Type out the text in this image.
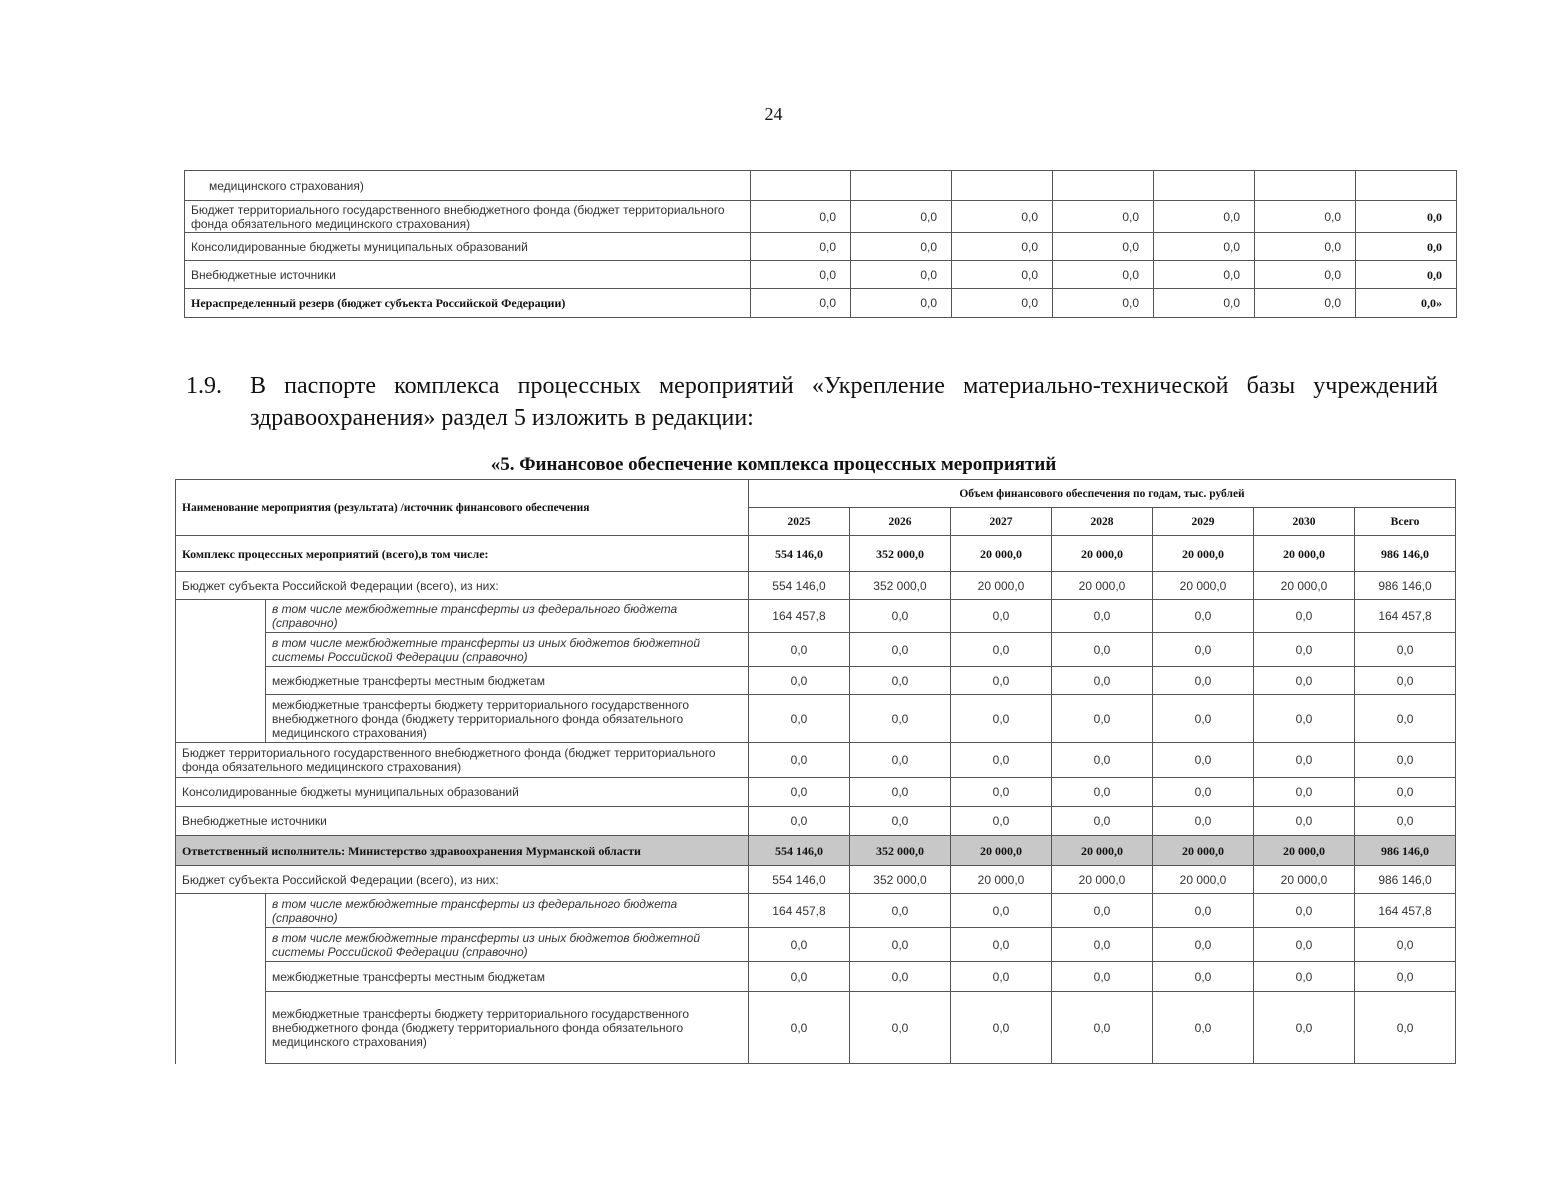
24
медицинского страхования)							
Бюджет территориального государственного внебюджетного фонда (бюджет территориального фонда обязательного медицинского страхования)	0,0	0,0	0,0	0,0	0,0	0,0	0,0
Консолидированные бюджеты муниципальных образований	0,0	0,0	0,0	0,0	0,0	0,0	0,0
Внебюджетные источники	0,0	0,0	0,0	0,0	0,0	0,0	0,0
Нераспределенный резерв (бюджет субъекта Российской Федерации)	0,0	0,0	0,0	0,0	0,0	0,0	0,0»
1.9. В паспорте комплекса процессных мероприятий «Укрепление материально-технической базы учреждений здравоохранения» раздел 5 изложить в редакции:
«5. Финансовое обеспечение комплекса процессных мероприятий
Наименование мероприятия (результата) /источник финансового обеспечения		Объем финансового обеспечения по годам, тыс. рублей						
		2025	2026	2027	2028	2029	2030	Всего
Комплекс процессных мероприятий (всего),в том числе:		554 146,0	352 000,0	20 000,0	20 000,0	20 000,0	20 000,0	986 146,0
Бюджет субъекта Российской Федерации (всего), из них:		554 146,0	352 000,0	20 000,0	20 000,0	20 000,0	20 000,0	986 146,0
	в том числе межбюджетные трансферты из федерального бюджета (справочно)	164 457,8	0,0	0,0	0,0	0,0	0,0	164 457,8
	в том числе межбюджетные трансферты из иных бюджетов бюджетной системы Российской Федерации (справочно)	0,0	0,0	0,0	0,0	0,0	0,0	0,0
	межбюджетные трансферты местным бюджетам	0,0	0,0	0,0	0,0	0,0	0,0	0,0
	межбюджетные трансферты бюджету территориального государственного внебюджетного фонда (бюджету территориального фонда обязательного медицинского страхования)	0,0	0,0	0,0	0,0	0,0	0,0	0,0
Бюджет территориального государственного внебюджетного фонда (бюджет территориального фонда обязательного медицинского страхования)		0,0	0,0	0,0	0,0	0,0	0,0	0,0
Консолидированные бюджеты муниципальных образований		0,0	0,0	0,0	0,0	0,0	0,0	0,0
Внебюджетные источники		0,0	0,0	0,0	0,0	0,0	0,0	0,0
Ответственный исполнитель: Министерство здравоохранения Мурманской области		554 146,0	352 000,0	20 000,0	20 000,0	20 000,0	20 000,0	986 146,0
Бюджет субъекта Российской Федерации (всего), из них:		554 146,0	352 000,0	20 000,0	20 000,0	20 000,0	20 000,0	986 146,0
	в том числе межбюджетные трансферты из федерального бюджета (справочно)	164 457,8	0,0	0,0	0,0	0,0	0,0	164 457,8
	в том числе межбюджетные трансферты из иных бюджетов бюджетной системы Российской Федерации (справочно)	0,0	0,0	0,0	0,0	0,0	0,0	0,0
	межбюджетные трансферты местным бюджетам	0,0	0,0	0,0	0,0	0,0	0,0	0,0
	межбюджетные трансферты бюджету территориального государственного внебюджетного фонда (бюджету территориального фонда обязательного медицинского страхования)	0,0	0,0	0,0	0,0	0,0	0,0	0,0
